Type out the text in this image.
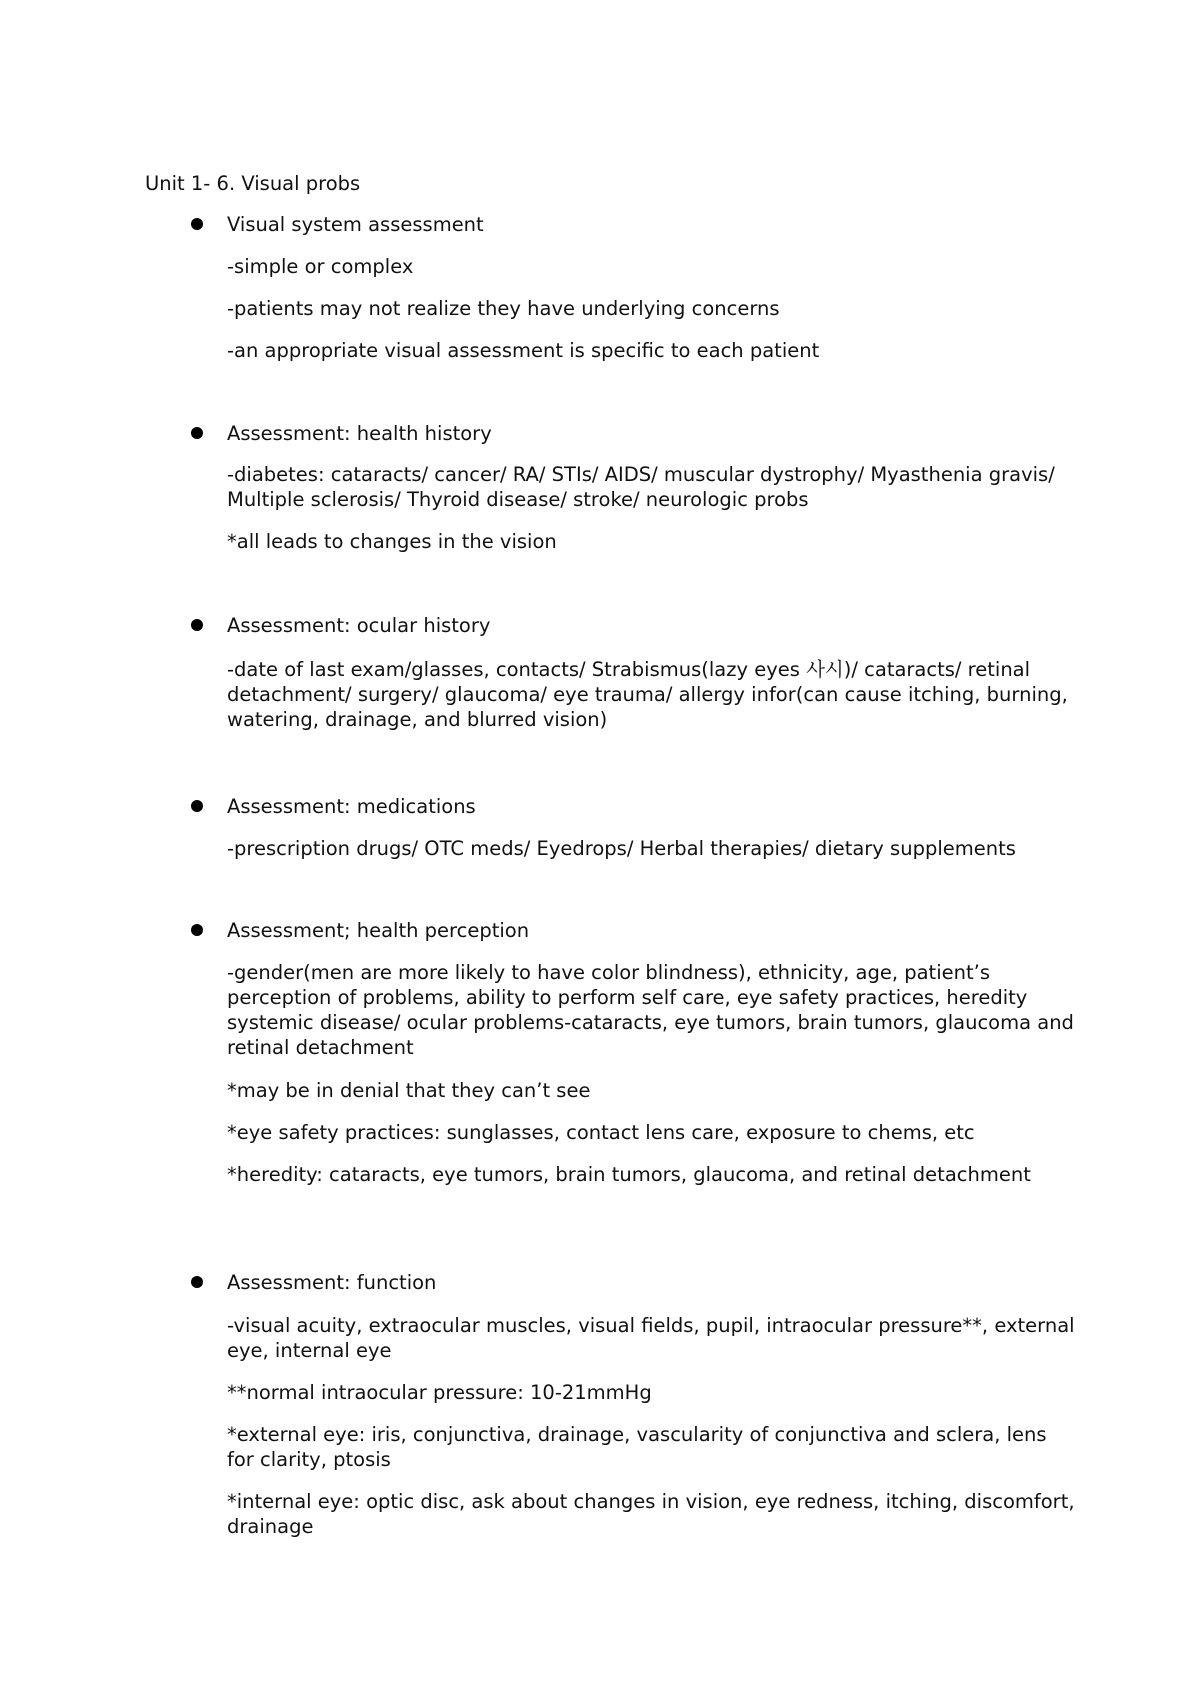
Unit 1- 6. Visual probs
Visual system assessment
-simple or complex
-patients may not realize they have underlying concerns
-an appropriate visual assessment is specific to each patient
Assessment: health history
-diabetes: cataracts/ cancer/ RA/ STIs/ AIDS/ muscular dystrophy/ Myasthenia gravis/ Multiple sclerosis/ Thyroid disease/ stroke/ neurologic probs
*all leads to changes in the vision
Assessment: ocular history
-date of last exam/glasses, contacts/ Strabismus(lazy eyes 사시)/ cataracts/ retinal detachment/ surgery/ glaucoma/ eye trauma/ allergy infor(can cause itching, burning, watering, drainage, and blurred vision)
Assessment: medications
-prescription drugs/ OTC meds/ Eyedrops/ Herbal therapies/ dietary supplements
Assessment; health perception
-gender(men are more likely to have color blindness), ethnicity, age, patient’s perception of problems, ability to perform self care, eye safety practices, heredity systemic disease/ ocular problems-cataracts, eye tumors, brain tumors, glaucoma and retinal detachment
*may be in denial that they can’t see
*eye safety practices: sunglasses, contact lens care, exposure to chems, etc
*heredity: cataracts, eye tumors, brain tumors, glaucoma, and retinal detachment
Assessment: function
-visual acuity, extraocular muscles, visual fields, pupil, intraocular pressure**, external eye, internal eye
**normal intraocular pressure: 10-21mmHg
*external eye: iris, conjunctiva, drainage, vascularity of conjunctiva and sclera, lens for clarity, ptosis
*internal eye: optic disc, ask about changes in vision, eye redness, itching, discomfort, drainage
